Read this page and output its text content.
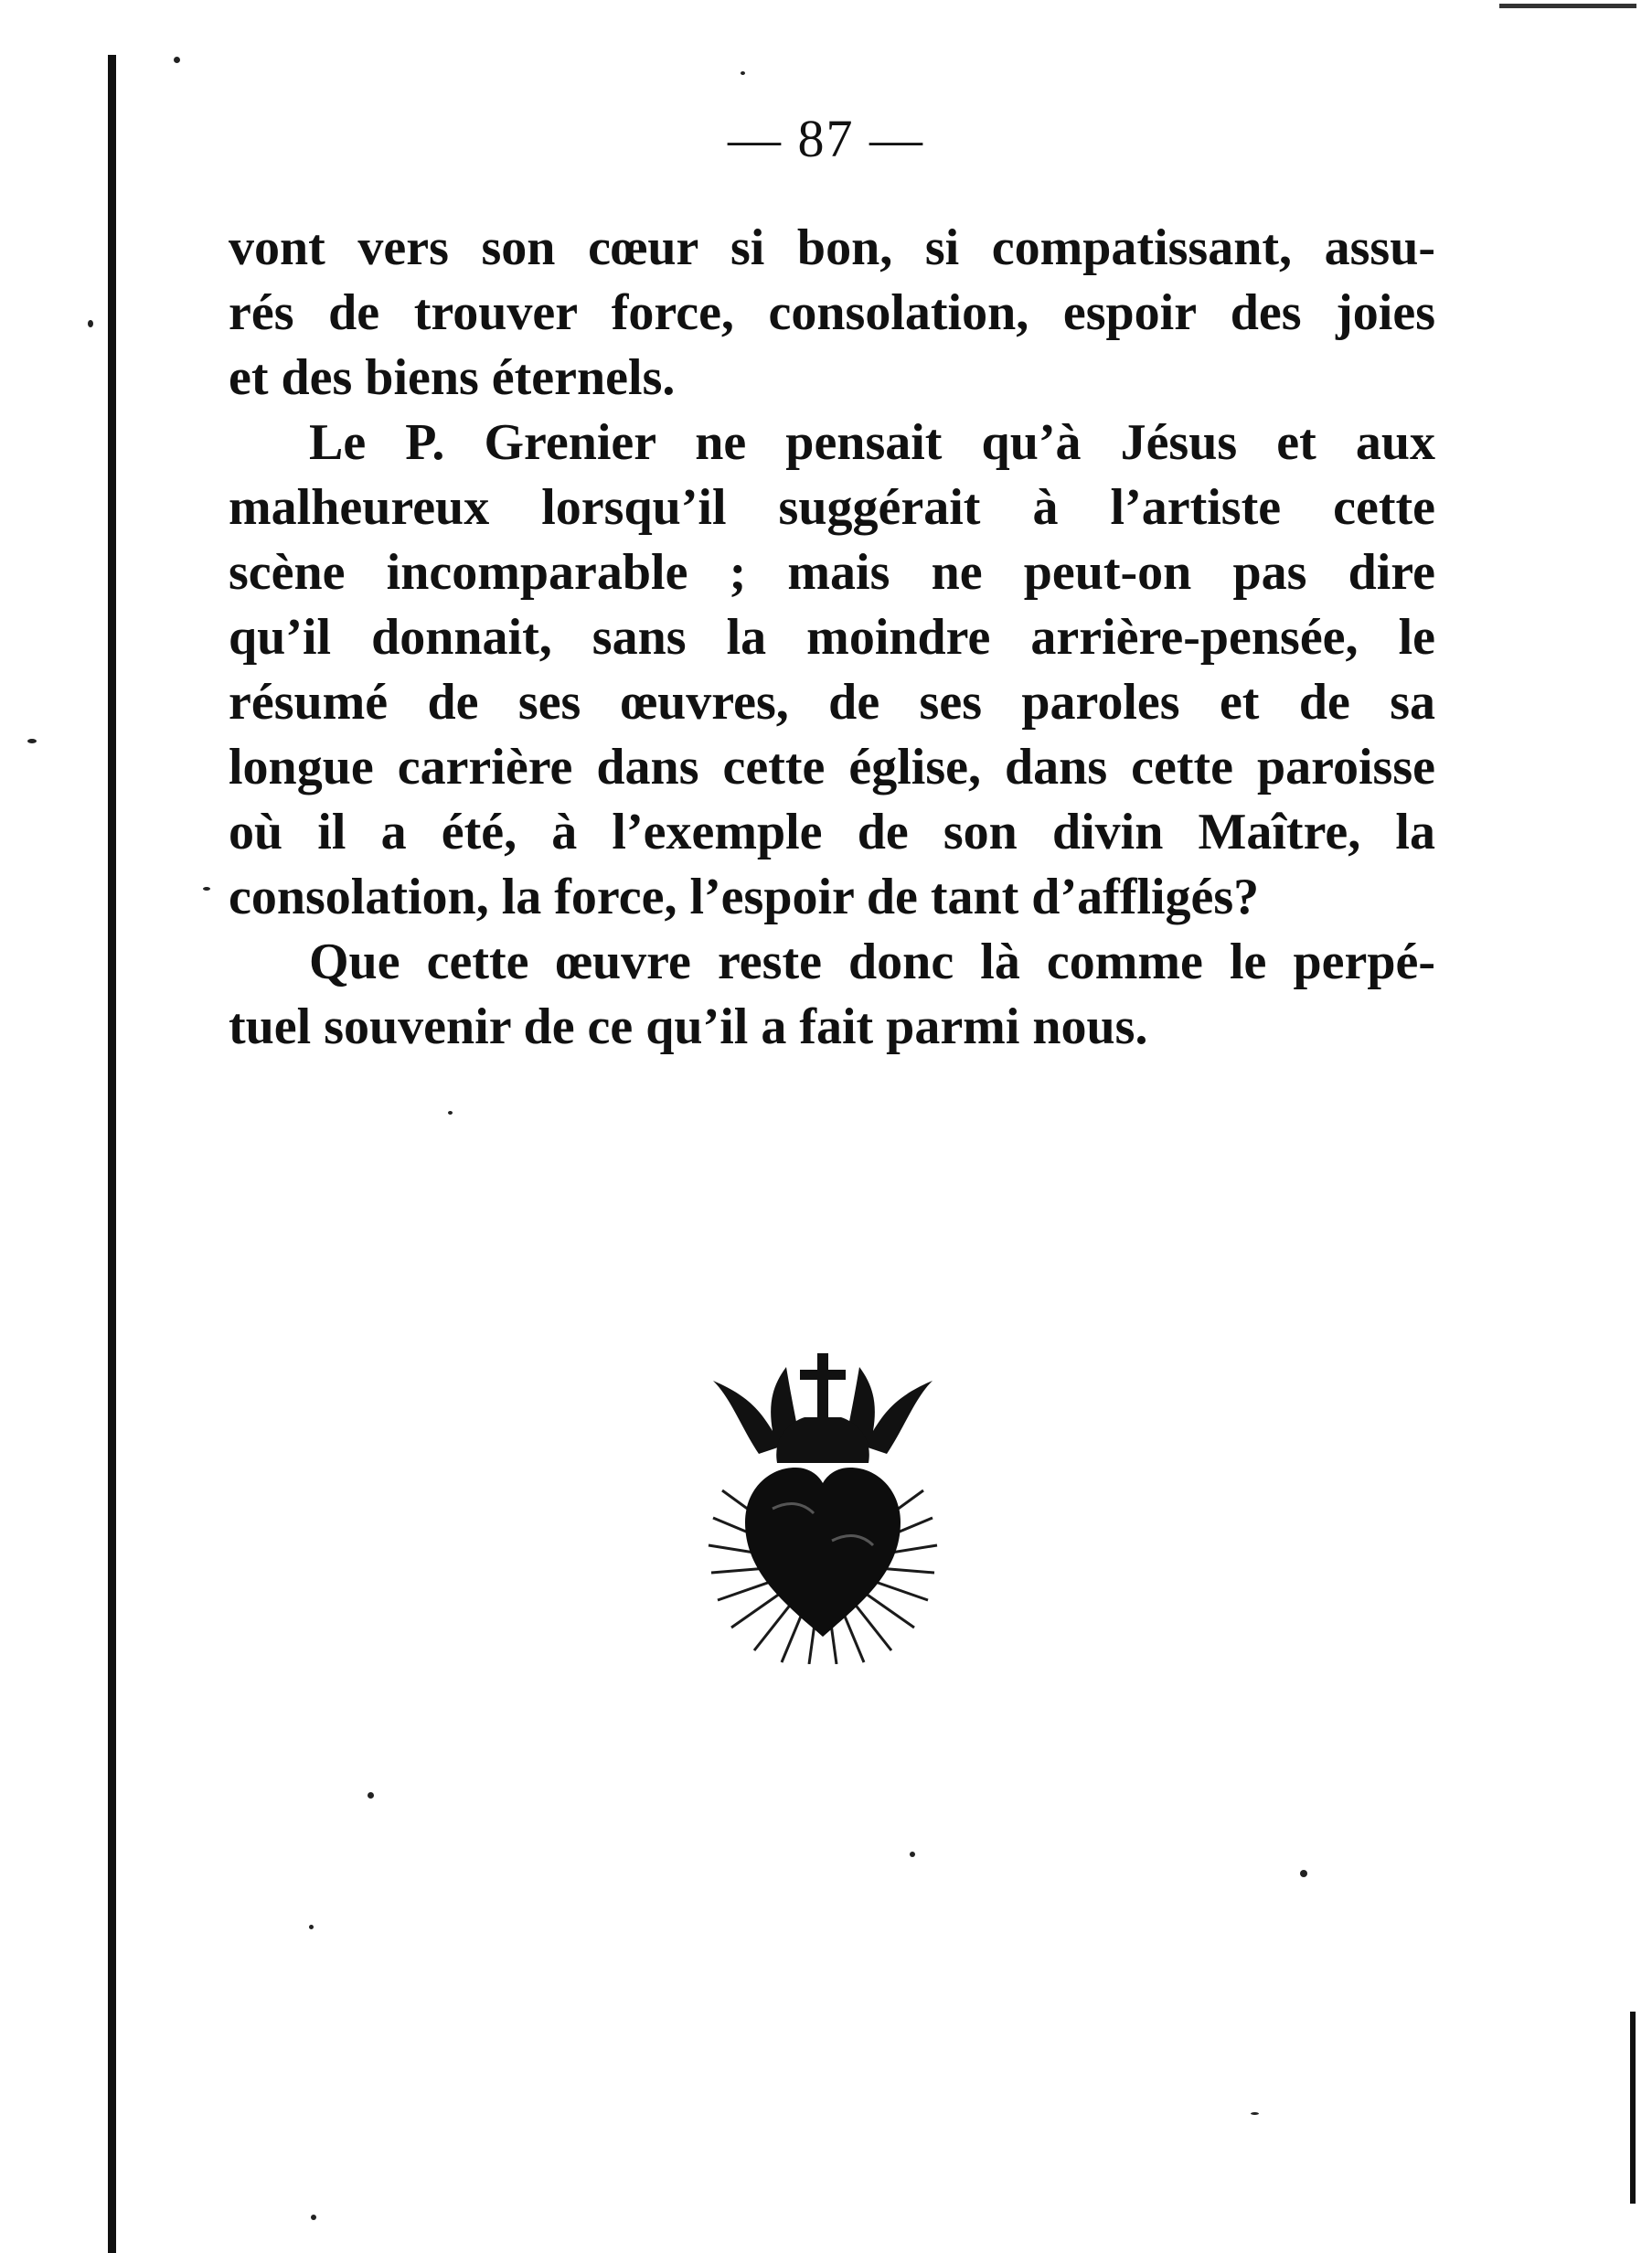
— 87 —

vont vers son cœur si bon, si compatissant, assu-
rés de trouver force, consolation, espoir des joies
et des biens éternels.

Le P. Grenier ne pensait qu’à Jésus et aux
malheureux lorsqu’il suggérait à l’artiste cette
scène incomparable ; mais ne peut-on pas dire
qu’il donnait, sans la moindre arrière-pensée, le
résumé de ses œuvres, de ses paroles et de sa
longue carrière dans cette église, dans cette paroisse
où il a été, à l’exemple de son divin Maître, la
consolation, la force, l’espoir de tant d’affligés?

Que cette œuvre reste donc là comme le perpé-
tuel souvenir de ce qu’il a fait parmi nous.
